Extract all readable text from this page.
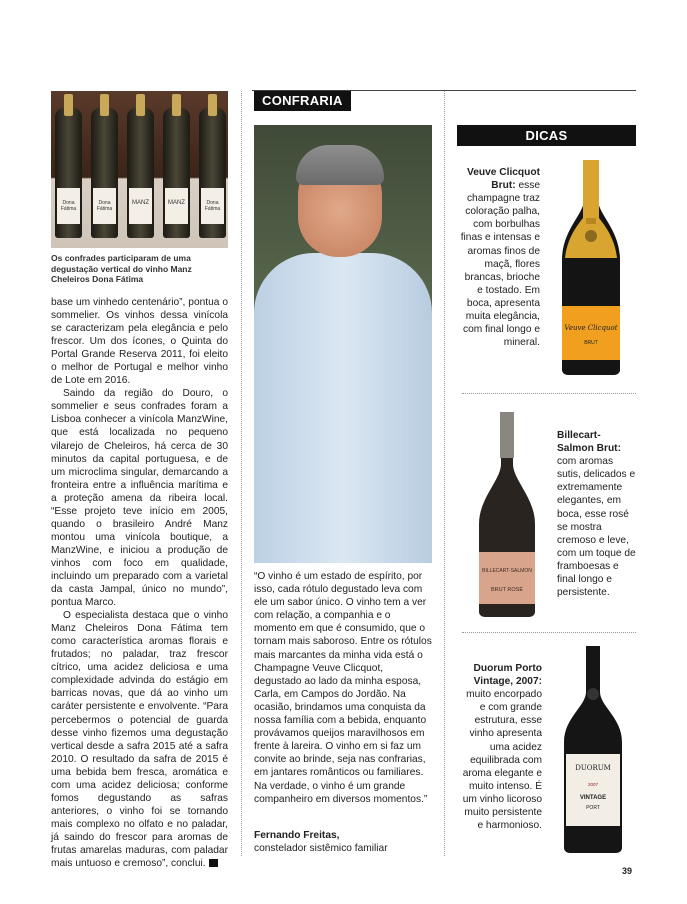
CONFRARIA
Dona Fátima
Dona Fátima
MANZ	MANZ	Dona Fátima
Os confrades participaram de uma degustação vertical do vinho Manz Cheleiros Dona Fátima

base um vinhedo centenário”, pontua o sommelier. Os vinhos dessa vinícola se caracterizam pela elegância e pelo frescor. Um dos ícones, o Quinta do Portal Grande Reserva 2011, foi eleito o melhor de Portugal e melhor vinho de Lote em 2016.

Saindo da região do Douro, o sommelier e seus confrades foram a Lisboa conhecer a vinícola ManzWine, que está localizada no pequeno vilarejo de Cheleiros, há cerca de 30 minutos da capital portuguesa, e de um microclima singular, demarcando a fronteira entre a influência marítima e a proteção amena da ribeira local. “Esse projeto teve início em 2005, quando o brasileiro André Manz montou uma vinícola boutique, a ManzWine, e iniciou a produção de vinhos com foco em qualidade, incluindo um preparado com a varietal da casta Jampal, único no mundo”, pontua Marco.

O especialista destaca que o vinho Manz Cheleiros Dona Fátima tem como característica aromas florais e frutados; no paladar, traz frescor cítrico, uma acidez deliciosa e uma complexidade advinda do estágio em barricas novas, que dá ao vinho um caráter persistente e envolvente. “Para percebermos o potencial de guarda desse vinho fizemos uma degustação vertical desde a safra 2015 até a safra 2010. O resultado da safra de 2015 é uma bebida bem fresca, aromática e com uma acidez deliciosa; conforme fomos degustando as safras anteriores, o vinho foi se tornando mais complexo no olfato e no paladar, já saindo do frescor para aromas de frutas amarelas maduras, com paladar mais untuoso e cremoso”, conclui.

“O vinho é um estado de espírito, por isso, cada rótulo degustado leva com ele um sabor único. O vinho tem a ver com relação, a companhia e o momento em que é consumido, que o tornam mais saboroso. Entre os rótulos mais marcantes da minha vida está o Champagne Veuve Clicquot, degustado ao lado da minha esposa, Carla, em Campos do Jordão. Na ocasião, brindamos uma conquista da nossa família com a bebida, enquanto provávamos queijos maravilhosos em frente à lareira. O vinho em si faz um convite ao brinde, seja nas confrarias, em jantares românticos ou familiares. Na verdade, o vinho é um grande companheiro em diversos momentos.”
Fernando Freitas,
constelador sistêmico familiar
DICAS
Veuve Clicquot Brut: esse champagne traz coloração palha, com borbulhas finas e intensas e aromas finos de maçã, flores brancas, brioche e tostado. Em boca, apresenta muita elegância, com final longo e mineral.
Veuve Clicquot
BRUT
BILLECART-SALMON
BRUT ROSÉ
Billecart-Salmon Brut: com aromas sutis, delicados e extremamente elegantes, em boca, esse rosé se mostra cremoso e leve, com um toque de framboesas e final longo e persistente.
Duorum Porto Vintage, 2007: muito encorpado e com grande estrutura, esse vinho apresenta uma acidez equilibrada com aroma elegante e muito intenso. É um vinho licoroso muito persistente e harmonioso.
DUORUM
2007
VINTAGE
PORT
39
